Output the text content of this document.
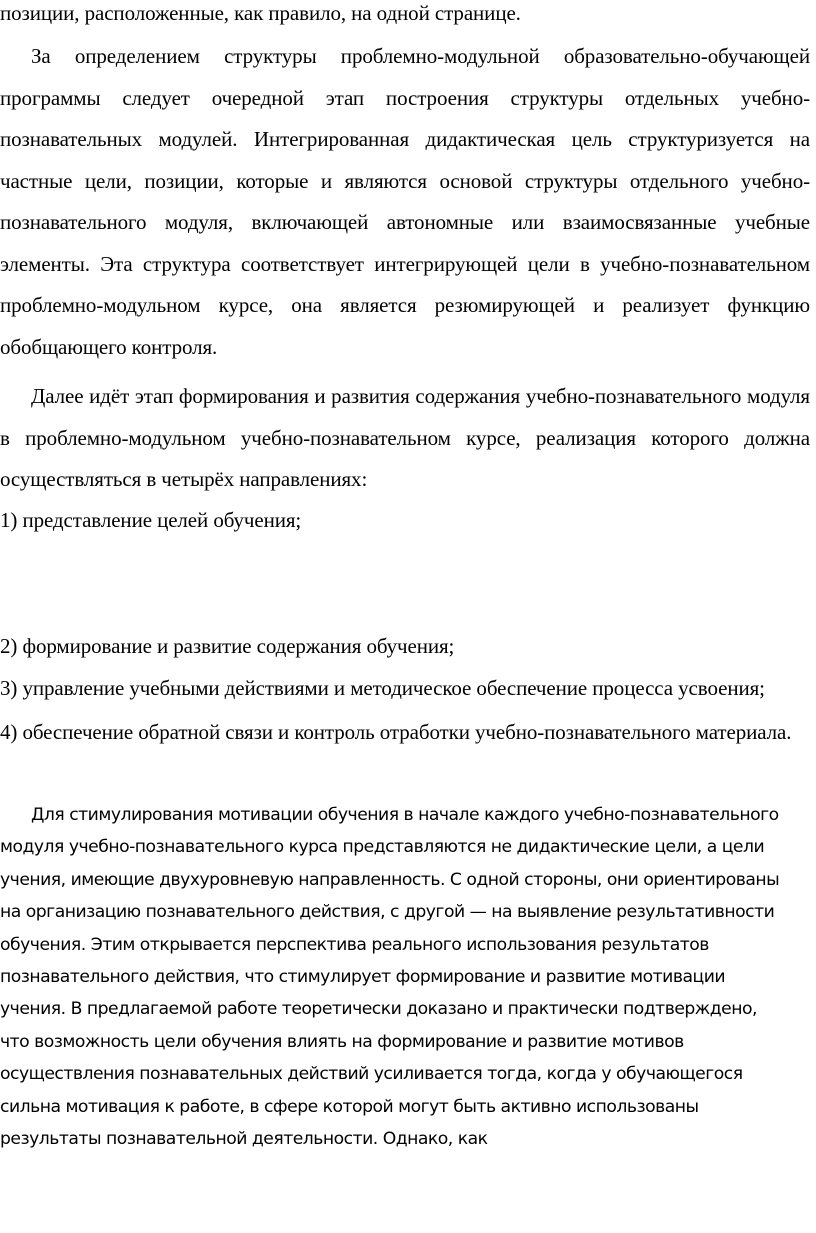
позиции, расположенные, как правило, на одной странице.

За определением структуры проблемно-модульной образовательно-обучающей программы следует очередной этап построения структуры отдельных учебно-познавательных модулей. Интегрированная дидактическая цель структуризуется на частные цели, позиции, которые и являются основой структуры отдельного учебно-познавательного модуля, включающей автономные или взаимосвязанные учебные элементы. Эта структура соответствует интегрирующей цели в учебно-познавательном проблемно-модульном курсе, она является резюмирующей и реализует функцию обобщающего контроля.

Далее идёт этап формирования и развития содержания учебно-познавательного модуля в проблемно-модульном учебно-познавательном курсе, реализация которого должна осуществляться в четырёх направлениях:

1) представление целей обучения;

2) формирование и развитие содержания обучения;

3) управление учебными действиями и методическое обеспечение процесса усвоения;

4) обеспечение обратной связи и контроль отработки учебно-познавательного материала.

Для стимулирования мотивации обучения в начале каждого учебно-познавательного модуля учебно-познавательного курса представляются не дидактические цели, а цели учения, имеющие двухуровневую направленность. С одной стороны, они ориентированы на организацию познавательного действия, с другой — на выявление результативности обучения. Этим открывается перспектива реального использования результатов познавательного действия, что стимулирует формирование и развитие мотивации учения. В предлагаемой работе теоретически доказано и практически подтверждено, что возможность цели обучения влиять на формирование и развитие мотивов осуществления познавательных действий усиливается тогда, когда у обучающегося сильна мотивация к работе, в сфере которой могут быть активно использованы результаты познавательной деятельности. Однако, как
